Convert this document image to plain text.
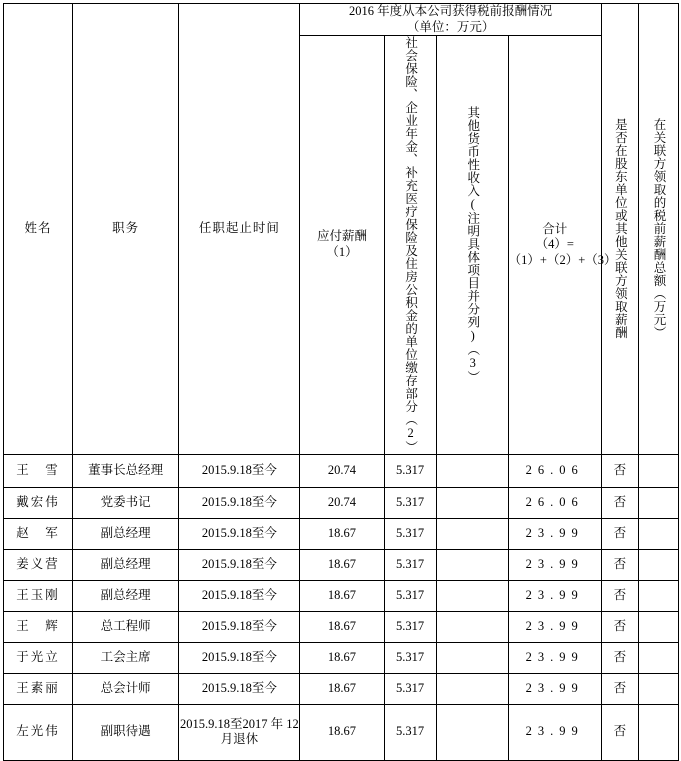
姓名	职务	任职起止时间	2016 年度从本公司获得税前报酬情况
（单位：万元）				是否在股东单位或其他关联方领取薪酬	在关联方领取的税前薪酬总额（万元）

应付薪酬
（1）	社会保险、企业年金、补充医疗保险及住房公积金的单位缴存部分（2）	其他货币性收入(注明具体项目并分列)（3）	合计
（4）=（1）+（2）+（3）

王　雪	董事长总经理	2015.9.18至今	20.74	5.317		26.06	否	
戴宏伟	党委书记	2015.9.18至今	20.74	5.317		26.06	否	
赵　军	副总经理	2015.9.18至今	18.67	5.317		23.99	否	
姜义营	副总经理	2015.9.18至今	18.67	5.317		23.99	否	
王玉刚	副总经理	2015.9.18至今	18.67	5.317		23.99	否	
王　辉	总工程师	2015.9.18至今	18.67	5.317		23.99	否	
于光立	工会主席	2015.9.18至今	18.67	5.317		23.99	否	
王素丽	总会计师	2015.9.18至今	18.67	5.317		23.99	否	
左光伟	副职待遇	2015.9.18至2017 年 12 月退休	18.67	5.317		23.99	否	
